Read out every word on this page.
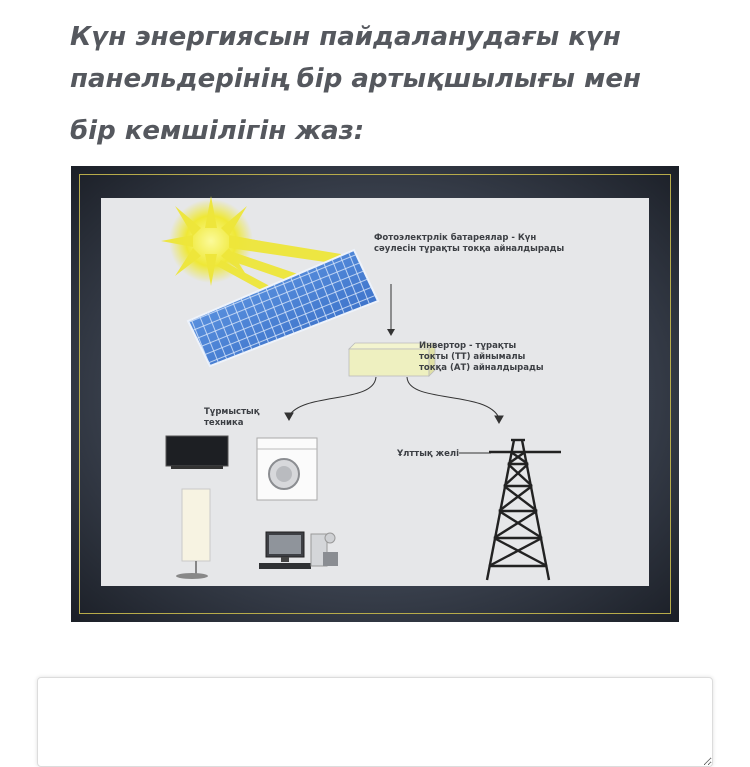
Күн энергиясын пайдаланудағы күн
панельдерінің бір артықшылығы мен
бір кемшілігін жаз:

Фотоэлектрлік батареялар - Күн
сәулесін тұрақты токқа айналдырады
Инвертор - тұрақты
токты (ТТ) айнымалы
токқа (АТ) айналдырады
Тұрмыстық
техника
Ұлттық желі
